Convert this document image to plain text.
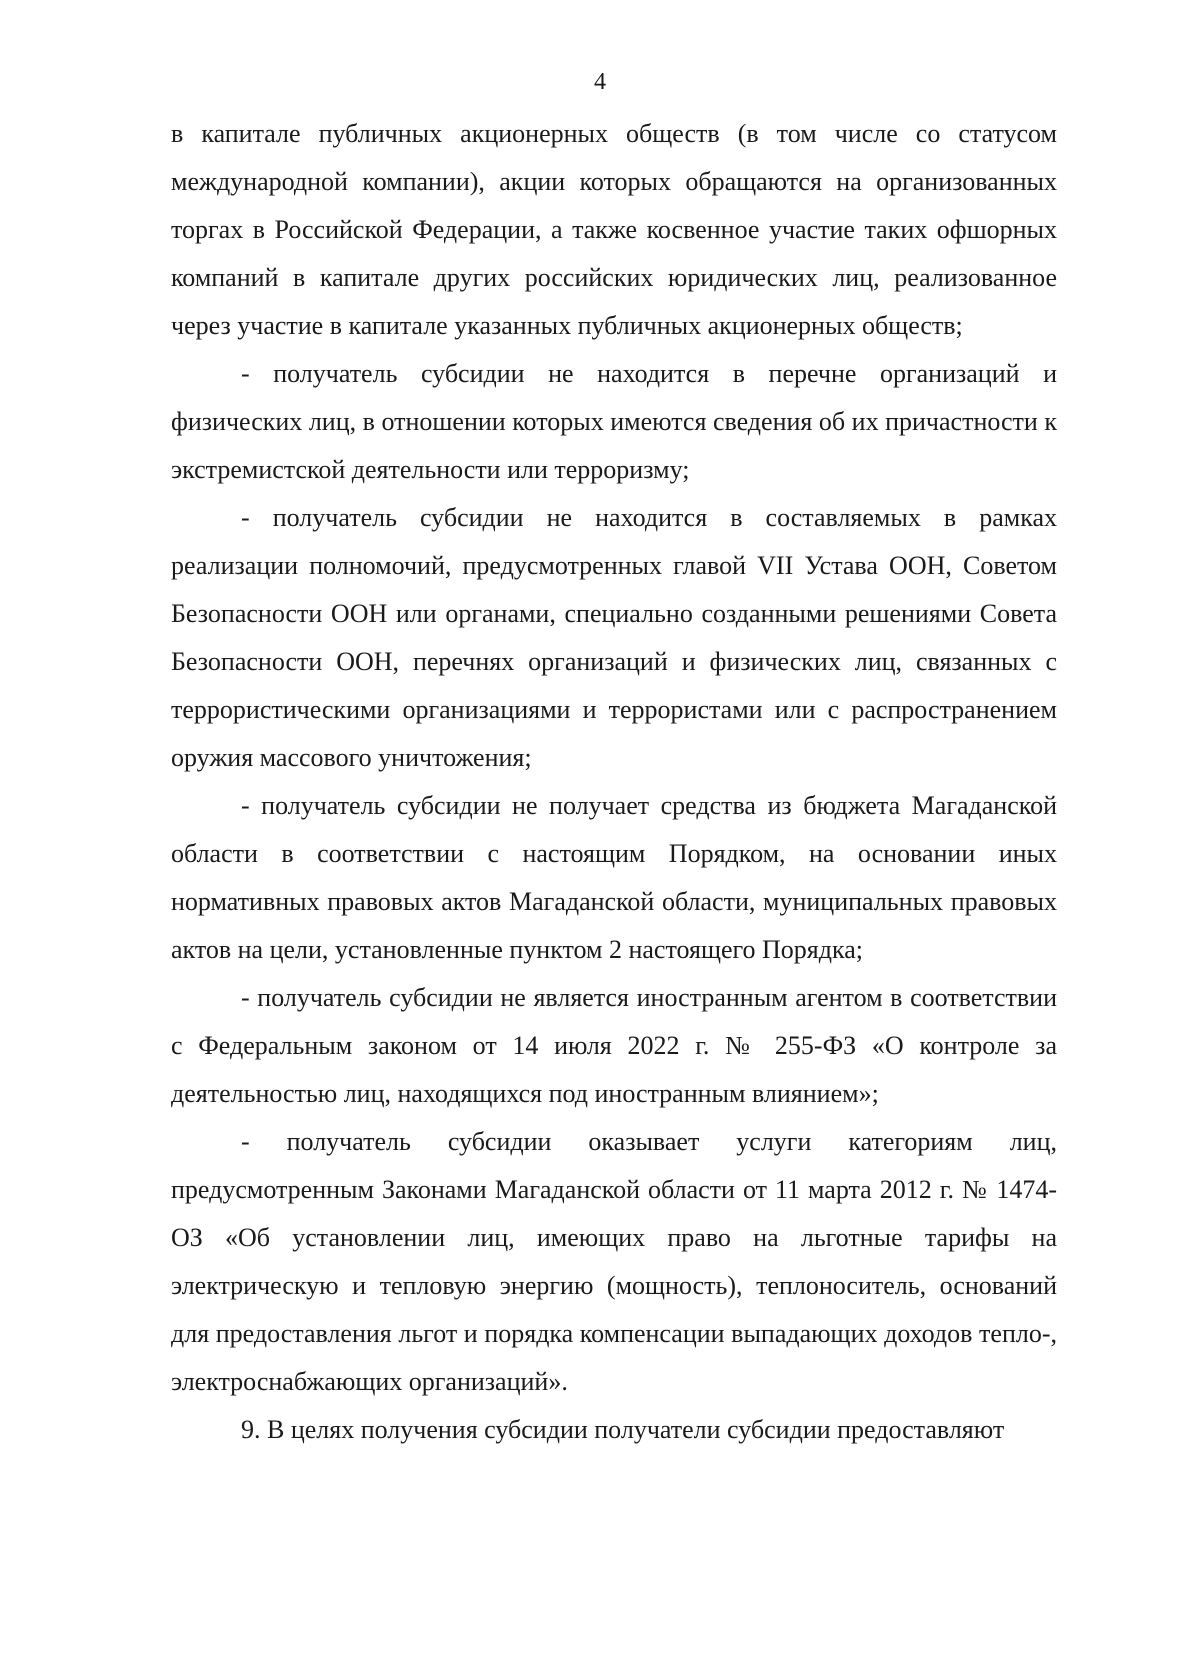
4

в капитале публичных акционерных обществ (в том числе со статусом международной компании), акции которых обращаются на организованных торгах в Российской Федерации, а также косвенное участие таких офшорных компаний в капитале других российских юридических лиц, реализованное через участие в капитале указанных публичных акционерных обществ;

- получатель субсидии не находится в перечне организаций и физических лиц, в отношении которых имеются сведения об их причастности к экстремистской деятельности или терроризму;

- получатель субсидии не находится в составляемых в рамках реализации полномочий, предусмотренных главой VII Устава ООН, Советом Безопасности ООН или органами, специально созданными решениями Совета Безопасности ООН, перечнях организаций и физических лиц, связанных с террористическими организациями и террористами или с распространением оружия массового уничтожения;

- получатель субсидии не получает средства из бюджета Магаданской области в соответствии с настоящим Порядком, на основании иных нормативных правовых актов Магаданской области, муниципальных правовых актов на цели, установленные пунктом 2 настоящего Порядка;

- получатель субсидии не является иностранным агентом в соответствии с Федеральным законом от 14 июля 2022 г. № 255-ФЗ «О контроле за деятельностью лиц, находящихся под иностранным влиянием»;

- получатель субсидии оказывает услуги категориям лиц, предусмотренным Законами Магаданской области от 11 марта 2012 г. № 1474-ОЗ «Об установлении лиц, имеющих право на льготные тарифы на электрическую и тепловую энергию (мощность), теплоноситель, оснований для предоставления льгот и порядка компенсации выпадающих доходов тепло-, электроснабжающих организаций».

9. В целях получения субсидии получатели субсидии предоставляют
